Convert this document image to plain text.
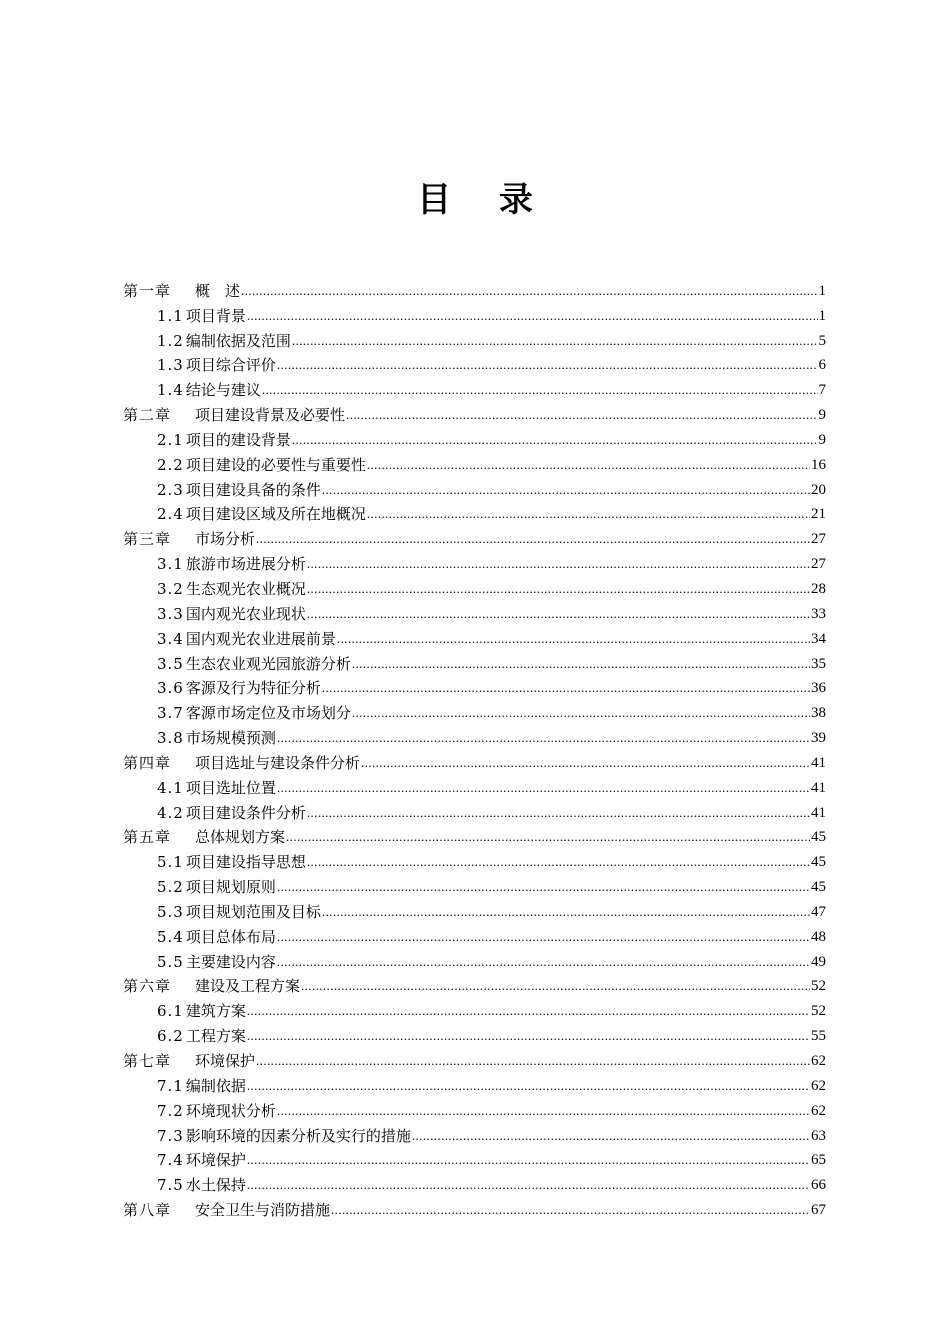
目 录
第一章 概　述 .....	1
1.1 项目背景 .....	1
1.2 编制依据及范围 .....	5
1.3 项目综合评价 .....	6
1.4 结论与建议 .....	7
第二章 项目建设背景及必要性 .....	9
2.1 项目的建设背景 .....	9
2.2 项目建设的必要性与重要性 .....	16
2.3 项目建设具备的条件 .....	20
2.4 项目建设区域及所在地概况 .....	21
第三章 市场分析 .....	27
3.1 旅游市场进展分析 .....	27
3.2 生态观光农业概况 .....	28
3.3 国内观光农业现状 .....	33
3.4 国内观光农业进展前景 .....	34
3.5 生态农业观光园旅游分析 .....	35
3.6 客源及行为特征分析 .....	36
3.7 客源市场定位及市场划分 .....	38
3.8 市场规模预测 .....	39
第四章 项目选址与建设条件分析 .....	41
4.1 项目选址位置 .....	41
4.2 项目建设条件分析 .....	41
第五章 总体规划方案 .....	45
5.1 项目建设指导思想 .....	45
5.2 项目规划原则 .....	45
5.3 项目规划范围及目标 .....	47
5.4 项目总体布局 .....	48
5.5 主要建设内容 .....	49
第六章 建设及工程方案 .....	52
6.1 建筑方案 .....	52
6.2 工程方案 .....	55
第七章 环境保护 .....	62
7.1 编制依据 .....	62
7.2 环境现状分析 .....	62
7.3 影响环境的因素分析及实行的措施 .....	63
7.4 环境保护 .....	65
7.5 水土保持 .....	66
第八章 安全卫生与消防措施 .....	67
